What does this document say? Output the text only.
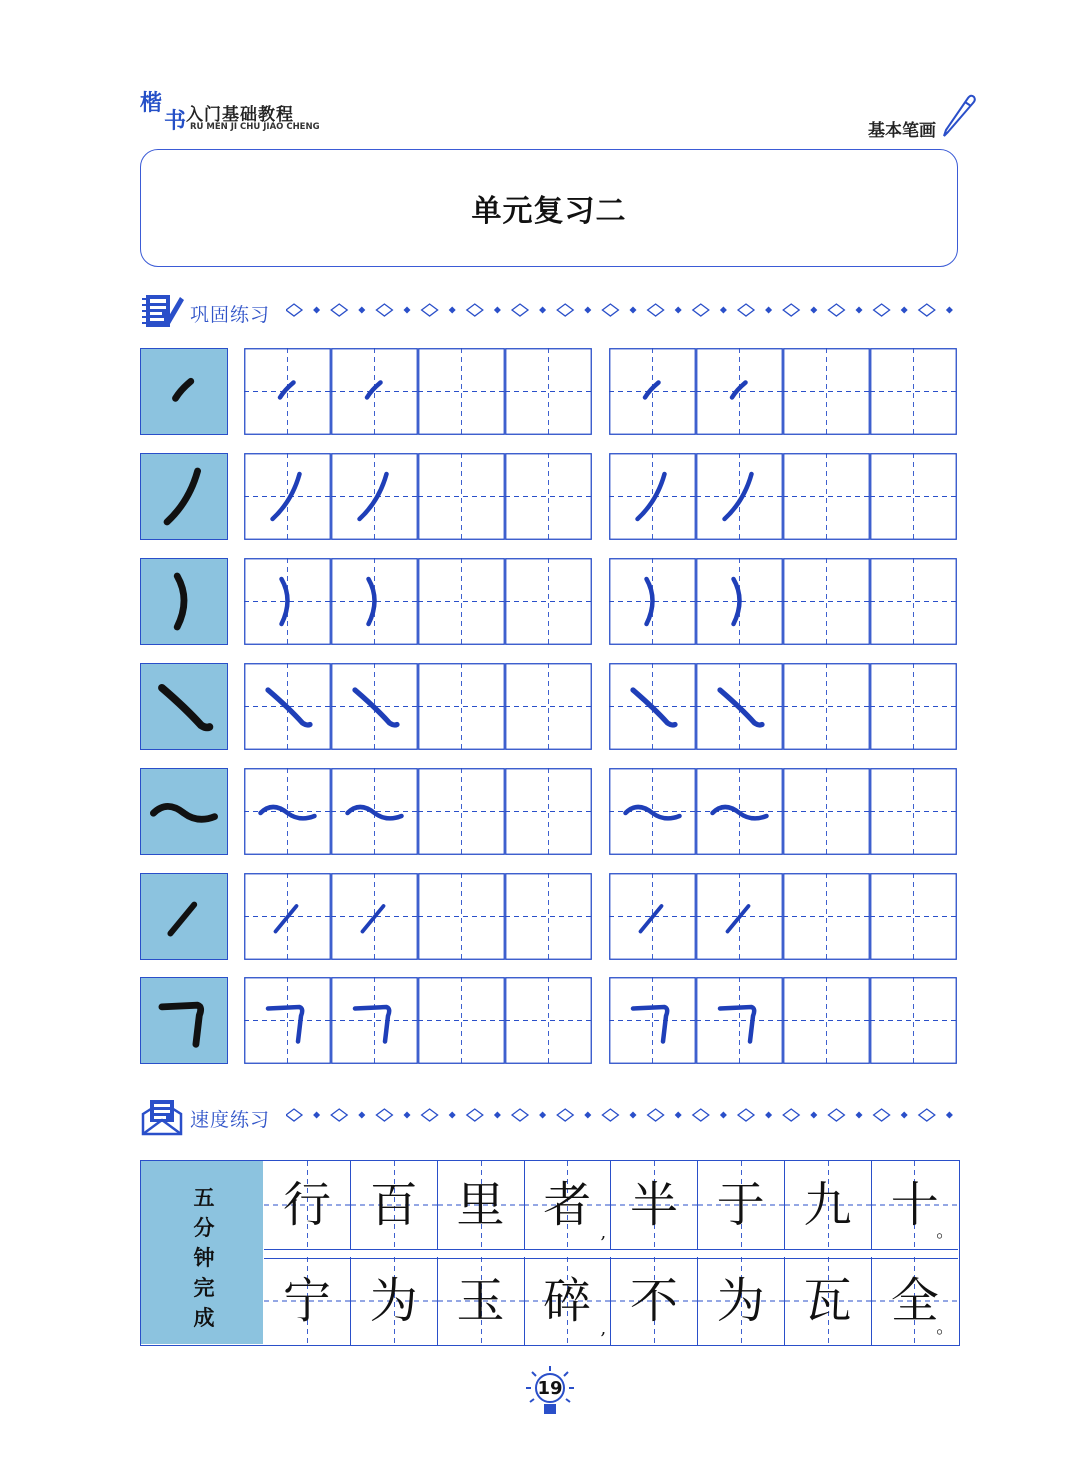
楷
书 入门基础教程
RU MEN JI CHU JIAO CHENG	基本笔画
单元复习二
巩固练习
速度练习
五
分
钟
完
成
行 百 里 者 , 半 于 九 十
。
宁 为 玉 碎 , 不 为 瓦 全
。
19
